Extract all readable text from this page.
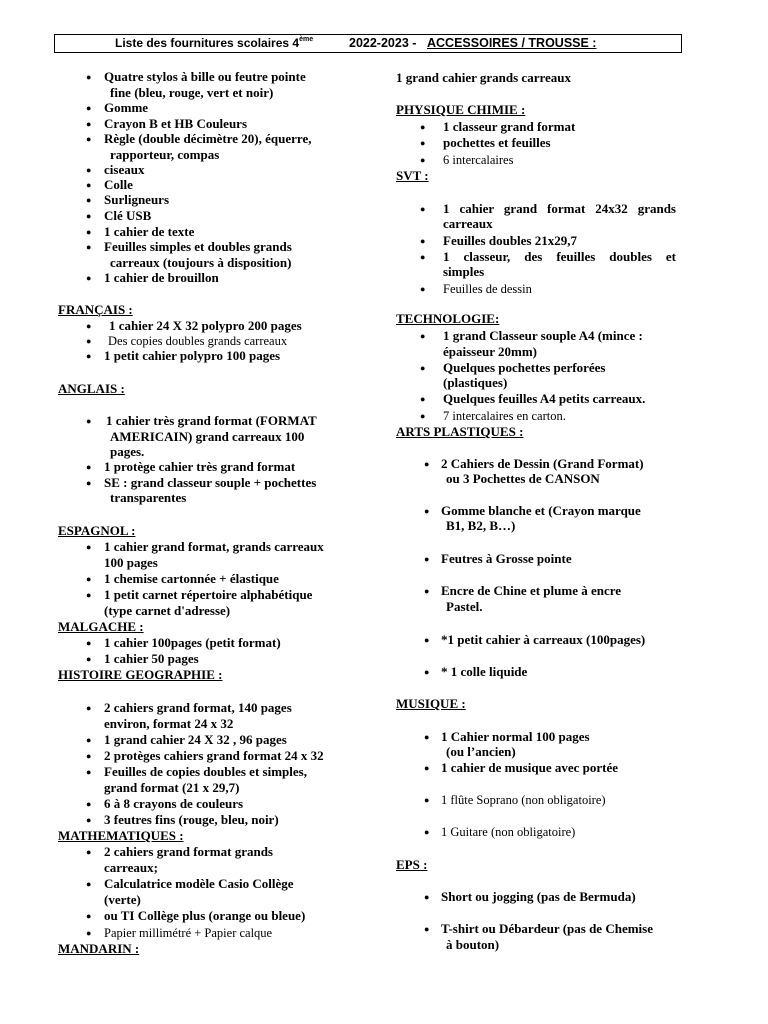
Liste des fournitures scolaires 4ème	2022-2023 - ACCESSOIRES / TROUSSE :
● Quatre stylos à bille ou feutre pointe
fine (bleu, rouge, vert et noir)
● Gomme
● Crayon B et HB Couleurs
● Règle (double décimètre 20), équerre,
rapporteur, compas
● ciseaux
● Colle
● Surligneurs
● Clé USB
● 1 cahier de texte
● Feuilles simples et doubles grands
carreaux (toujours à disposition)
● 1 cahier de brouillon
FRANÇAIS :
● 1 cahier 24 X 32 polypro 200 pages
● Des copies doubles grands carreaux
● 1 petit cahier polypro 100 pages
ANGLAIS :
● 1 cahier très grand format (FORMAT
AMERICAIN) grand carreaux 100
pages.
● 1 protège cahier très grand format
● SE : grand classeur souple + pochettes
transparentes
ESPAGNOL :
● 1 cahier grand format, grands carreaux
100 pages
● 1 chemise cartonnée + élastique
● 1 petit carnet répertoire alphabétique
(type carnet d'adresse)
MALGACHE :
● 1 cahier 100pages (petit format)
● 1 cahier 50 pages
HISTOIRE GEOGRAPHIE :
● 2 cahiers grand format, 140 pages
environ, format 24 x 32
● 1 grand cahier 24 X 32 , 96 pages
● 2 protèges cahiers grand format 24 x 32
● Feuilles de copies doubles et simples,
grand format (21 x 29,7)
● 6 à 8 crayons de couleurs
● 3 feutres fins (rouge, bleu, noir)
MATHEMATIQUES :
● 2 cahiers grand format grands
carreaux;
● Calculatrice modèle Casio Collège
(verte)
● ou TI Collège plus (orange ou bleue)
● Papier millimétré + Papier calque
MANDARIN :
1 grand cahier grands carreaux
PHYSIQUE CHIMIE :
● 1 classeur grand format
● pochettes et feuilles
● 6 intercalaires
SVT :
● 1 cahier grand format 24x32 grands
carreaux
● Feuilles doubles 21x29,7
● 1 classeur, des feuilles doubles et
simples
● Feuilles de dessin
TECHNOLOGIE:
● 1 grand Classeur souple A4 (mince :
épaisseur 20mm)
● Quelques pochettes perforées
(plastiques)
● Quelques feuilles A4 petits carreaux.
● 7 intercalaires en carton.
ARTS PLASTIQUES :
● 2 Cahiers de Dessin (Grand Format)
ou 3 Pochettes de CANSON
● Gomme blanche et (Crayon marque
B1, B2, B…)
● Feutres à Grosse pointe
● Encre de Chine et plume à encre
Pastel.
● *1 petit cahier à carreaux (100pages)
● * 1 colle liquide
MUSIQUE :
● 1 Cahier normal 100 pages
(ou l’ancien)
● 1 cahier de musique avec portée
● 1 flûte Soprano (non obligatoire)
● 1 Guitare (non obligatoire)
EPS :
● Short ou jogging (pas de Bermuda)
● T-shirt ou Débardeur (pas de Chemise
à bouton)
